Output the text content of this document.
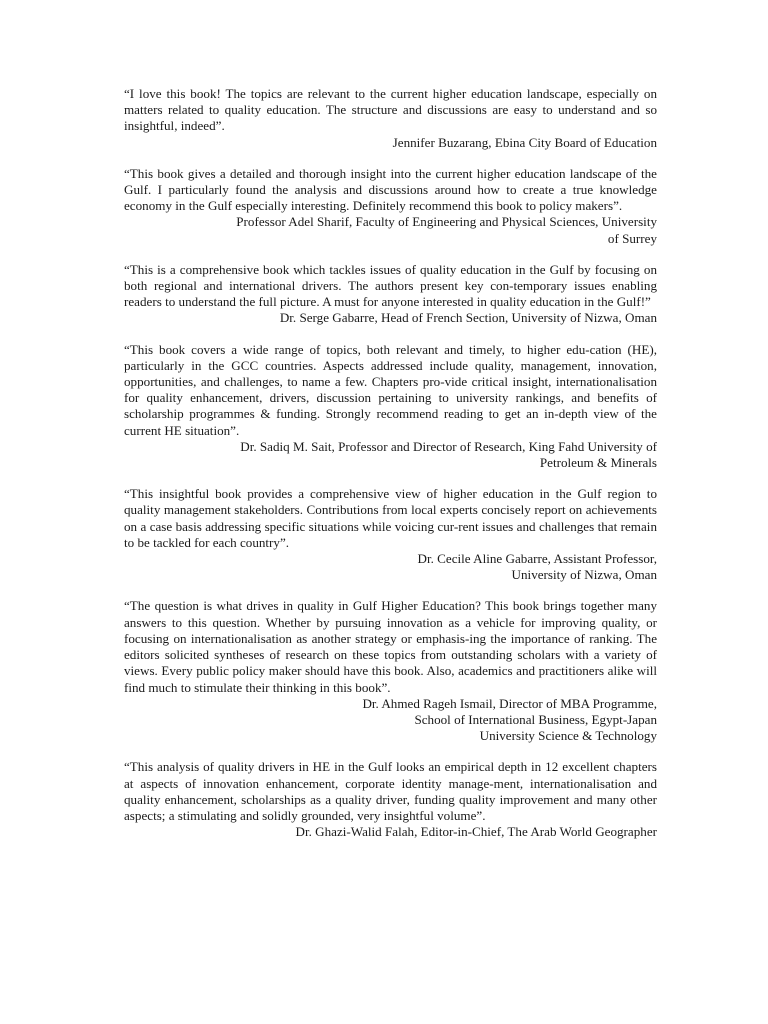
“I love this book! The topics are relevant to the current higher education landscape, especially on matters related to quality education. The structure and discussions are easy to understand and so insightful, indeed”.

Jennifer Buzarang, Ebina City Board of Education

“This book gives a detailed and thorough insight into the current higher education landscape of the Gulf. I particularly found the analysis and discussions around how to create a true knowledge economy in the Gulf especially interesting. Definitely recommend this book to policy makers”.

Professor Adel Sharif, Faculty of Engineering and Physical Sciences, University
of Surrey

“This is a comprehensive book which tackles issues of quality education in the Gulf by focusing on both regional and international drivers. The authors present key con-temporary issues enabling readers to understand the full picture. A must for anyone interested in quality education in the Gulf!”

Dr. Serge Gabarre, Head of French Section, University of Nizwa, Oman

“This book covers a wide range of topics, both relevant and timely, to higher edu-cation (HE), particularly in the GCC countries. Aspects addressed include quality, management, innovation, opportunities, and challenges, to name a few. Chapters pro-vide critical insight, internationalisation for quality enhancement, drivers, discussion pertaining to university rankings, and benefits of scholarship programmes & funding. Strongly recommend reading to get an in-depth view of the current HE situation”.

Dr. Sadiq M. Sait, Professor and Director of Research, King Fahd University of
Petroleum & Minerals

“This insightful book provides a comprehensive view of higher education in the Gulf region to quality management stakeholders. Contributions from local experts concisely report on achievements on a case basis addressing specific situations while voicing cur-rent issues and challenges that remain to be tackled for each country”.

Dr. Cecile Aline Gabarre, Assistant Professor,
University of Nizwa, Oman

“The question is what drives in quality in Gulf Higher Education? This book brings together many answers to this question. Whether by pursuing innovation as a vehicle for improving quality, or focusing on internationalisation as another strategy or emphasis-ing the importance of ranking. The editors solicited syntheses of research on these topics from outstanding scholars with a variety of views. Every public policy maker should have this book. Also, academics and practitioners alike will find much to stimulate their thinking in this book”.

Dr. Ahmed Rageh Ismail, Director of MBA Programme,
School of International Business, Egypt-Japan
University Science & Technology

“This analysis of quality drivers in HE in the Gulf looks an empirical depth in 12 excellent chapters at aspects of innovation enhancement, corporate identity manage-ment, internationalisation and quality enhancement, scholarships as a quality driver, funding quality improvement and many other aspects; a stimulating and solidly grounded, very insightful volume”.

Dr. Ghazi-Walid Falah, Editor-in-Chief, The Arab World Geographer
